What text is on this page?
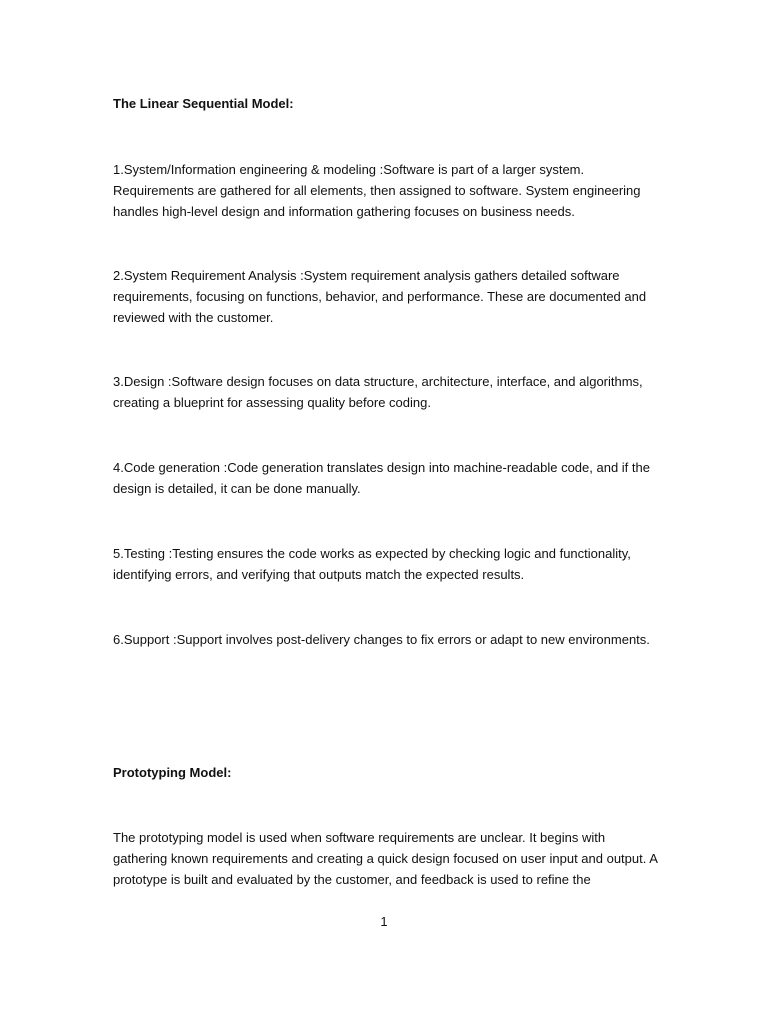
The Linear Sequential Model:

1.System/Information engineering & modeling :Software is part of a larger system. Requirements are gathered for all elements, then assigned to software. System engineering handles high-level design and information gathering focuses on business needs.

2.System Requirement Analysis :System requirement analysis gathers detailed software requirements, focusing on functions, behavior, and performance. These are documented and reviewed with the customer.

3.Design :Software design focuses on data structure, architecture, interface, and algorithms, creating a blueprint for assessing quality before coding.

4.Code generation :Code generation translates design into machine-readable code, and if the design is detailed, it can be done manually.

5.Testing :Testing ensures the code works as expected by checking logic and functionality, identifying errors, and verifying that outputs match the expected results.

6.Support :Support involves post-delivery changes to fix errors or adapt to new environments.

Prototyping Model:

The prototyping model is used when software requirements are unclear. It begins with gathering known requirements and creating a quick design focused on user input and output. A prototype is built and evaluated by the customer, and feedback is used to refine the

1
